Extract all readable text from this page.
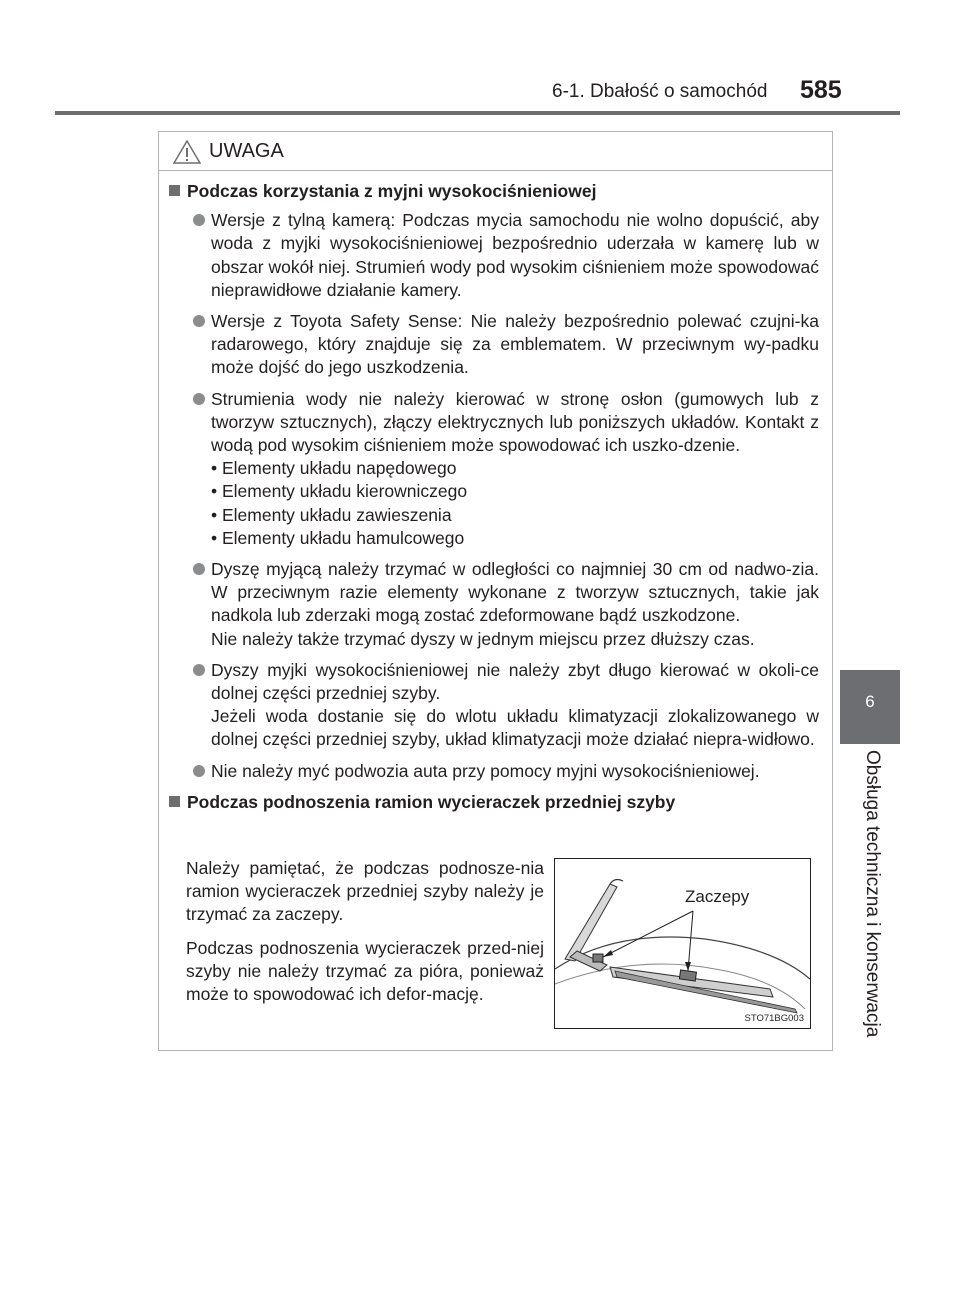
6-1. Dbałość o samochód 585
6
Obsługa techniczna i konserwacja
UWAGA
Podczas korzystania z myjni wysokociśnieniowej

Wersje z tylną kamerą: Podczas mycia samochodu nie wolno dopuścić, aby woda z myjki wysokociśnieniowej bezpośrednio uderzała w kamerę lub w obszar wokół niej. Strumień wody pod wysokim ciśnieniem może spowodować nieprawidłowe działanie kamery.

Wersje z Toyota Safety Sense: Nie należy bezpośrednio polewać czujni-ka radarowego, który znajduje się za emblematem. W przeciwnym wy-padku może dojść do jego uszkodzenia.

Strumienia wody nie należy kierować w stronę osłon (gumowych lub z tworzyw sztucznych), złączy elektrycznych lub poniższych układów. Kontakt z wodą pod wysokim ciśnieniem może spowodować ich uszko-dzenie.

• Elementy układu napędowego

• Elementy układu kierowniczego

• Elementy układu zawieszenia

• Elementy układu hamulcowego

Dyszę myjącą należy trzymać w odległości co najmniej 30 cm od nadwo-zia. W przeciwnym razie elementy wykonane z tworzyw sztucznych, takie jak nadkola lub zderzaki mogą zostać zdeformowane bądź uszkodzone.

Nie należy także trzymać dyszy w jednym miejscu przez dłuższy czas.

Dyszy myjki wysokociśnieniowej nie należy zbyt długo kierować w okoli-ce dolnej części przedniej szyby.

Jeżeli woda dostanie się do wlotu układu klimatyzacji zlokalizowanego w dolnej części przedniej szyby, układ klimatyzacji może działać niepra-widłowo.

Nie należy myć podwozia auta przy pomocy myjni wysokociśnieniowej.

Podczas podnoszenia ramion wycieraczek przedniej szyby

Należy pamiętać, że podczas podnosze-nia ramion wycieraczek przedniej szyby należy je trzymać za zaczepy.

Podczas podnoszenia wycieraczek przed-niej szyby nie należy trzymać za pióra, ponieważ może to spowodować ich defor-mację.

Zaczepy
STO71BG003
